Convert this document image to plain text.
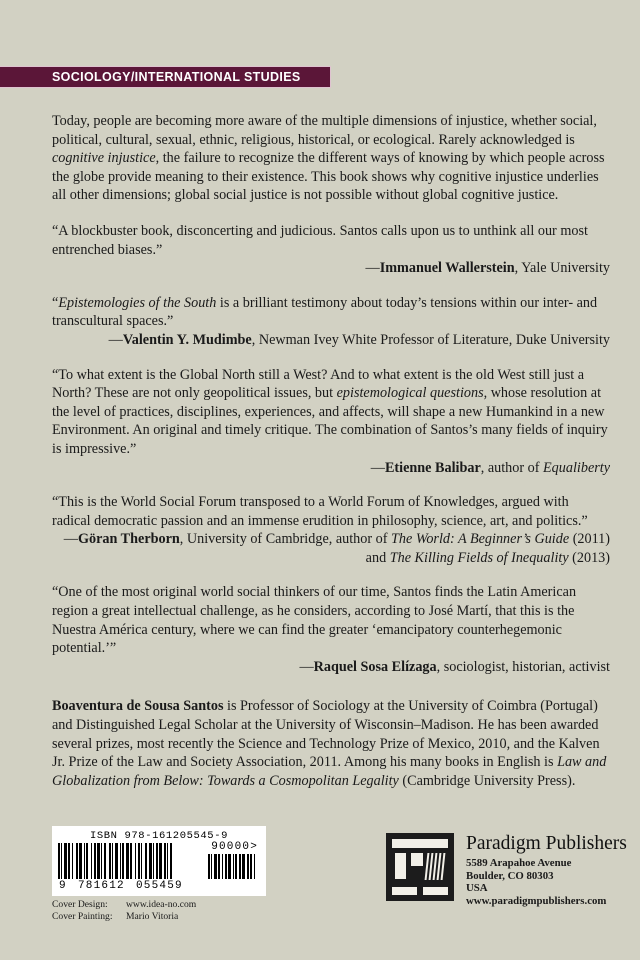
SOCIOLOGY/INTERNATIONAL STUDIES

Today, people are becoming more aware of the multiple dimensions of injustice, whether social, political, cultural, sexual, ethnic, religious, historical, or ecological. Rarely acknowledged is cognitive injustice, the failure to recognize the different ways of knowing by which people across the globe provide meaning to their existence. This book shows why cognitive injustice underlies all other dimensions; global social justice is not possible without global cognitive justice.

“A blockbuster book, disconcerting and judicious. Santos calls upon us to unthink all our most entrenched biases.”
—Immanuel Wallerstein, Yale University

“Epistemologies of the South is a brilliant testimony about today’s tensions within our inter- and transcultural spaces.”
—Valentin Y. Mudimbe, Newman Ivey White Professor of Literature, Duke University

“To what extent is the Global North still a West? And to what extent is the old West still just a North? These are not only geopolitical issues, but epistemological questions, whose resolution at the level of practices, disciplines, experiences, and affects, will shape a new Humankind in a new Environment. An original and timely critique. The combination of Santos’s many fields of inquiry is impressive.”
—Etienne Balibar, author of Equaliberty

“This is the World Social Forum transposed to a World Forum of Knowledges, argued with radical democratic passion and an immense erudition in philosophy, science, art, and politics.”
—Göran Therborn, University of Cambridge, author of The World: A Beginner’s Guide (2011)
and The Killing Fields of Inequality (2013)

“One of the most original world social thinkers of our time, Santos finds the Latin American region a great intellectual challenge, as he considers, according to José Martí, that this is the Nuestra América century, where we can find the greater ‘emancipatory counterhegemonic potential.’”
—Raquel Sosa Elízaga, sociologist, historian, activist

Boaventura de Sousa Santos is Professor of Sociology at the University of Coimbra (Portugal) and Distinguished Legal Scholar at the University of Wisconsin–Madison. He has been awarded several prizes, most recently the Science and Technology Prize of Mexico, 2010, and the Kalven Jr. Prize of the Law and Society Association, 2011. Among his many books in English is Law and Globalization from Below: Towards a Cosmopolitan Legality (Cambridge University Press).

ISBN 978-161205545-9
90000>
9  781612  055459
Cover Design:	www.idea-no.com
Cover Painting:	Mario Vitoria
Paradigm Publishers
5589 Arapahoe Avenue
Boulder, CO 80303
USA
www.paradigmpublishers.com
